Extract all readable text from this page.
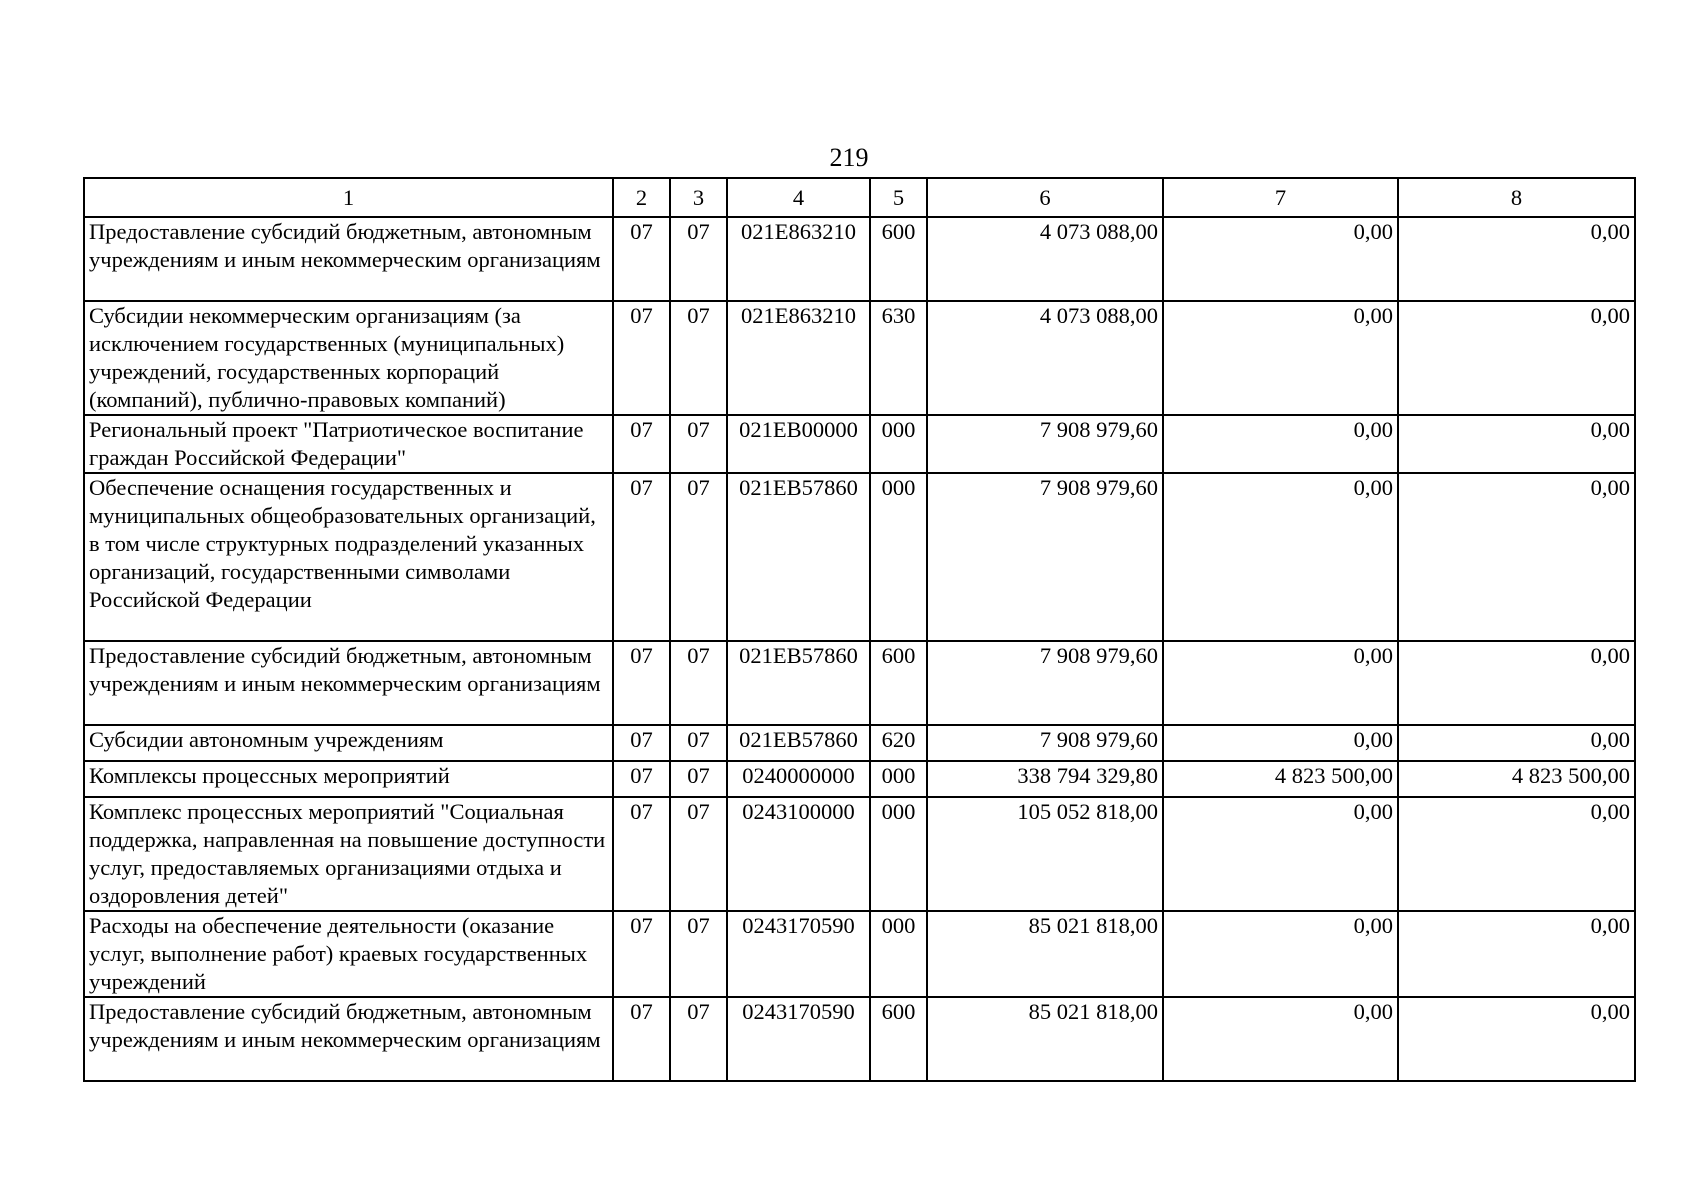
219
1	2	3	4	5	6	7	8
Предоставление субсидий бюджетным, автономным учреждениям и иным некоммерческим организациям	07	07	021E863210	600	4 073 088,00	0,00	0,00
Субсидии некоммерческим организациям (за исключением государственных (муниципальных) учреждений, государственных корпораций (компаний), публично-правовых компаний)	07	07	021E863210	630	4 073 088,00	0,00	0,00
Региональный проект "Патриотическое воспитание граждан Российской Федерации"	07	07	021EB00000	000	7 908 979,60	0,00	0,00
Обеспечение оснащения государственных и муниципальных общеобразовательных организаций, в том числе структурных подразделений указанных организаций, государственными символами Российской Федерации	07	07	021EB57860	000	7 908 979,60	0,00	0,00
Предоставление субсидий бюджетным, автономным учреждениям и иным некоммерческим организациям	07	07	021EB57860	600	7 908 979,60	0,00	0,00
Субсидии автономным учреждениям	07	07	021EB57860	620	7 908 979,60	0,00	0,00
Комплексы процессных мероприятий	07	07	0240000000	000	338 794 329,80	4 823 500,00	4 823 500,00
Комплекс процессных мероприятий "Социальная поддержка, направленная на повышение доступности услуг, предоставляемых организациями отдыха и оздоровления детей"	07	07	0243100000	000	105 052 818,00	0,00	0,00
Расходы на обеспечение деятельности (оказание услуг, выполнение работ) краевых государственных учреждений	07	07	0243170590	000	85 021 818,00	0,00	0,00
Предоставление субсидий бюджетным, автономным учреждениям и иным некоммерческим организациям	07	07	0243170590	600	85 021 818,00	0,00	0,00
